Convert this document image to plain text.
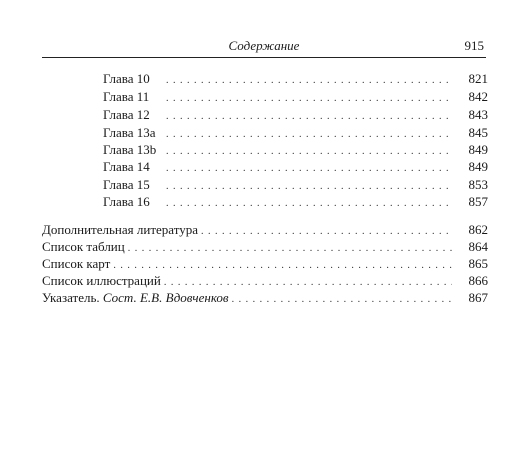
Содержание	915
Глава 10 . . .	821
Глава 11 . . .	842
Глава 12 . . .	843
Глава 13a . . .	845
Глава 13b . . .	849
Глава 14 . . .	849
Глава 15 . . .	853
Глава 16 . . .	857
Дополнительная литература . . .	862
Список таблиц . . .	864
Список карт . . .	865
Список иллюстраций . . .	866
Указатель. Сост. Е.В. Вдовченков . . .	867
